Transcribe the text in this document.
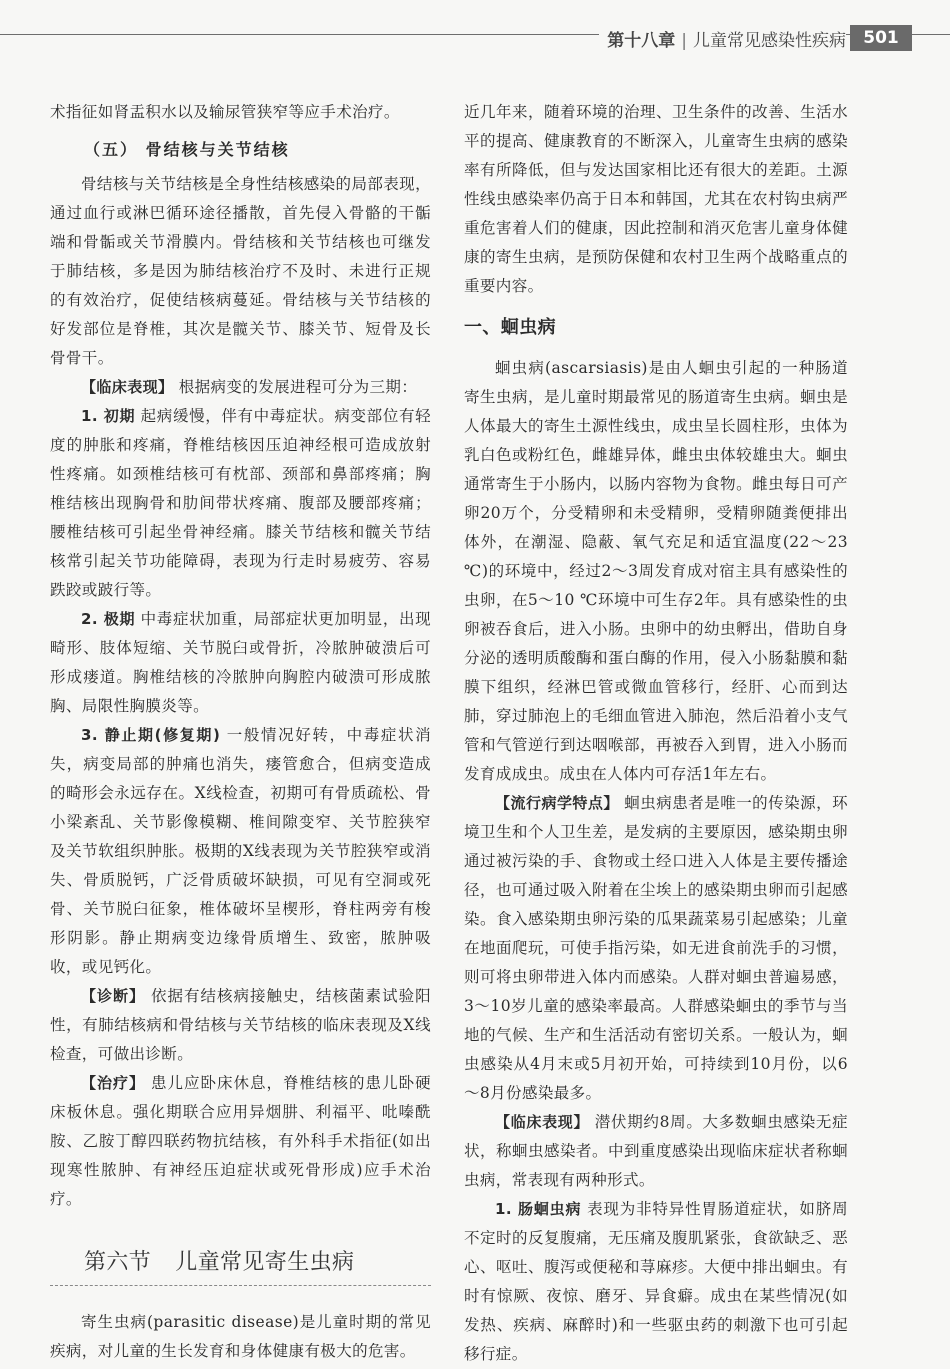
第十八章 | 儿童常见感染性疾病	501

术指征如肾盂积水以及输尿管狭窄等应手术治疗。

（五） 骨结核与关节结核

骨结核与关节结核是全身性结核感染的局部表现，通过血行或淋巴循环途径播散，首先侵入骨骼的干骺端和骨骺或关节滑膜内。骨结核和关节结核也可继发于肺结核，多是因为肺结核治疗不及时、未进行正规的有效治疗，促使结核病蔓延。骨结核与关节结核的好发部位是脊椎，其次是髋关节、膝关节、短骨及长骨骨干。

【临床表现】 根据病变的发展进程可分为三期：

1. 初期 起病缓慢，伴有中毒症状。病变部位有轻度的肿胀和疼痛，脊椎结核因压迫神经根可造成放射性疼痛。如颈椎结核可有枕部、颈部和鼻部疼痛；胸椎结核出现胸骨和肋间带状疼痛、腹部及腰部疼痛；腰椎结核可引起坐骨神经痛。膝关节结核和髋关节结核常引起关节功能障碍，表现为行走时易疲劳、容易跌跤或跛行等。

2. 极期 中毒症状加重，局部症状更加明显，出现畸形、肢体短缩、关节脱臼或骨折，冷脓肿破溃后可形成瘘道。胸椎结核的冷脓肿向胸腔内破溃可形成脓胸、局限性胸膜炎等。

3. 静止期(修复期) 一般情况好转，中毒症状消失，病变局部的肿痛也消失，瘘管愈合，但病变造成的畸形会永远存在。X线检查，初期可有骨质疏松、骨小梁紊乱、关节影像模糊、椎间隙变窄、关节腔狭窄及关节软组织肿胀。极期的X线表现为关节腔狭窄或消失、骨质脱钙，广泛骨质破坏缺损，可见有空洞或死骨、关节脱臼征象，椎体破坏呈楔形，脊柱两旁有梭形阴影。静止期病变边缘骨质增生、致密，脓肿吸收，或见钙化。

【诊断】 依据有结核病接触史，结核菌素试验阳性，有肺结核病和骨结核与关节结核的临床表现及X线检查，可做出诊断。

【治疗】 患儿应卧床休息，脊椎结核的患儿卧硬床板休息。强化期联合应用异烟肼、利福平、吡嗪酰胺、乙胺丁醇四联药物抗结核，有外科手术指征(如出现寒性脓肿、有神经压迫症状或死骨形成)应手术治疗。

第六节 儿童常见寄生虫病

寄生虫病(parasitic disease)是儿童时期的常见疾病，对儿童的生长发育和身体健康有极大的危害。

近几年来，随着环境的治理、卫生条件的改善、生活水平的提高、健康教育的不断深入，儿童寄生虫病的感染率有所降低，但与发达国家相比还有很大的差距。土源性线虫感染率仍高于日本和韩国，尤其在农村钩虫病严重危害着人们的健康，因此控制和消灭危害儿童身体健康的寄生虫病，是预防保健和农村卫生两个战略重点的重要内容。

一、蛔虫病

蛔虫病(ascarsiasis)是由人蛔虫引起的一种肠道寄生虫病，是儿童时期最常见的肠道寄生虫病。蛔虫是人体最大的寄生土源性线虫，成虫呈长圆柱形，虫体为乳白色或粉红色，雌雄异体，雌虫虫体较雄虫大。蛔虫通常寄生于小肠内，以肠内容物为食物。雌虫每日可产卵20万个，分受精卵和未受精卵，受精卵随粪便排出体外，在潮湿、隐蔽、氧气充足和适宜温度(22～23 ℃)的环境中，经过2～3周发育成对宿主具有感染性的虫卵，在5～10 ℃环境中可生存2年。具有感染性的虫卵被吞食后，进入小肠。虫卵中的幼虫孵出，借助自身分泌的透明质酸酶和蛋白酶的作用，侵入小肠黏膜和黏膜下组织，经淋巴管或微血管移行，经肝、心而到达肺，穿过肺泡上的毛细血管进入肺泡，然后沿着小支气管和气管逆行到达咽喉部，再被吞入到胃，进入小肠而发育成成虫。成虫在人体内可存活1年左右。

【流行病学特点】 蛔虫病患者是唯一的传染源，环境卫生和个人卫生差，是发病的主要原因，感染期虫卵通过被污染的手、食物或土经口进入人体是主要传播途径，也可通过吸入附着在尘埃上的感染期虫卵而引起感染。食入感染期虫卵污染的瓜果蔬菜易引起感染；儿童在地面爬玩，可使手指污染，如无进食前洗手的习惯，则可将虫卵带进入体内而感染。人群对蛔虫普遍易感，3～10岁儿童的感染率最高。人群感染蛔虫的季节与当地的气候、生产和生活活动有密切关系。一般认为，蛔虫感染从4月末或5月初开始，可持续到10月份，以6～8月份感染最多。

【临床表现】 潜伏期约8周。大多数蛔虫感染无症状，称蛔虫感染者。中到重度感染出现临床症状者称蛔虫病，常表现有两种形式。

1. 肠蛔虫病 表现为非特异性胃肠道症状，如脐周不定时的反复腹痛，无压痛及腹肌紧张，食欲缺乏、恶心、呕吐、腹泻或便秘和荨麻疹。大便中排出蛔虫。有时有惊厥、夜惊、磨牙、异食癖。成虫在某些情况(如发热、疾病、麻醉时)和一些驱虫药的刺激下也可引起移行症。
